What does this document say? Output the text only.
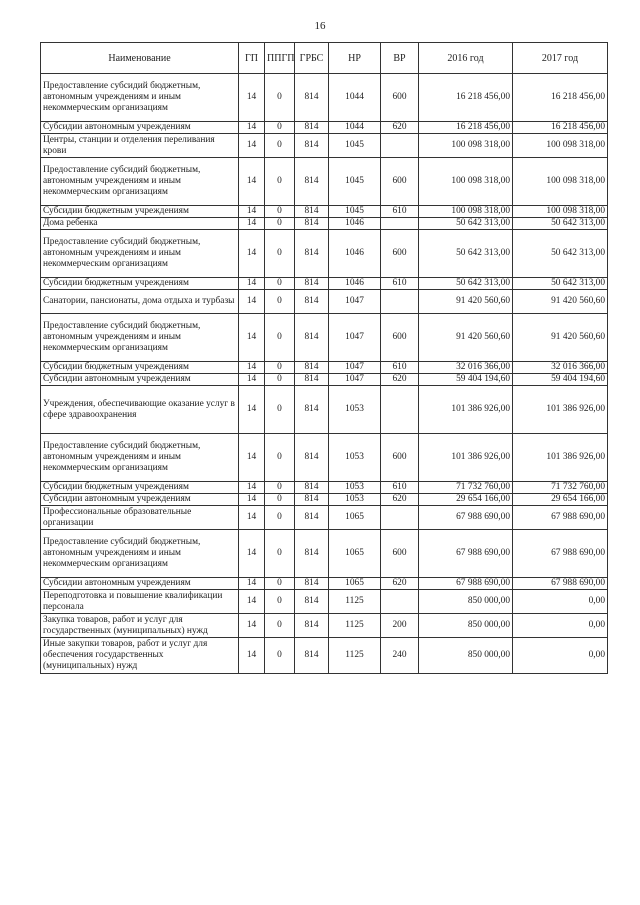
16
Наименование	ГП	ППГП	ГРБС	НР	ВР	2016 год	2017 год
Предоставление субсидий бюджетным, автономным учреждениям и иным некоммерческим организациям	14	0	814	1044	600	16 218 456,00	16 218 456,00
Субсидии автономным учреждениям	14	0	814	1044	620	16 218 456,00	16 218 456,00
Центры, станции и отделения переливания крови	14	0	814	1045		100 098 318,00	100 098 318,00
Предоставление субсидий бюджетным, автономным учреждениям и иным некоммерческим организациям	14	0	814	1045	600	100 098 318,00	100 098 318,00
Субсидии бюджетным учреждениям	14	0	814	1045	610	100 098 318,00	100 098 318,00
Дома ребенка	14	0	814	1046		50 642 313,00	50 642 313,00
Предоставление субсидий бюджетным, автономным учреждениям и иным некоммерческим организациям	14	0	814	1046	600	50 642 313,00	50 642 313,00
Субсидии бюджетным учреждениям	14	0	814	1046	610	50 642 313,00	50 642 313,00
Санатории, пансионаты, дома отдыха и турбазы	14	0	814	1047		91 420 560,60	91 420 560,60
Предоставление субсидий бюджетным, автономным учреждениям и иным некоммерческим организациям	14	0	814	1047	600	91 420 560,60	91 420 560,60
Субсидии бюджетным учреждениям	14	0	814	1047	610	32 016 366,00	32 016 366,00
Субсидии автономным учреждениям	14	0	814	1047	620	59 404 194,60	59 404 194,60
Учреждения, обеспечивающие оказание услуг в сфере здравоохранения	14	0	814	1053		101 386 926,00	101 386 926,00
Предоставление субсидий бюджетным, автономным учреждениям и иным некоммерческим организациям	14	0	814	1053	600	101 386 926,00	101 386 926,00
Субсидии бюджетным учреждениям	14	0	814	1053	610	71 732 760,00	71 732 760,00
Субсидии автономным учреждениям	14	0	814	1053	620	29 654 166,00	29 654 166,00
Профессиональные образовательные организации	14	0	814	1065		67 988 690,00	67 988 690,00
Предоставление субсидий бюджетным, автономным учреждениям и иным некоммерческим организациям	14	0	814	1065	600	67 988 690,00	67 988 690,00
Субсидии автономным учреждениям	14	0	814	1065	620	67 988 690,00	67 988 690,00
Переподготовка и повышение квалификации персонала	14	0	814	1125		850 000,00	0,00
Закупка товаров, работ и услуг для государственных (муниципальных) нужд	14	0	814	1125	200	850 000,00	0,00
Иные закупки товаров, работ и услуг для обеспечения государственных (муниципальных) нужд	14	0	814	1125	240	850 000,00	0,00
